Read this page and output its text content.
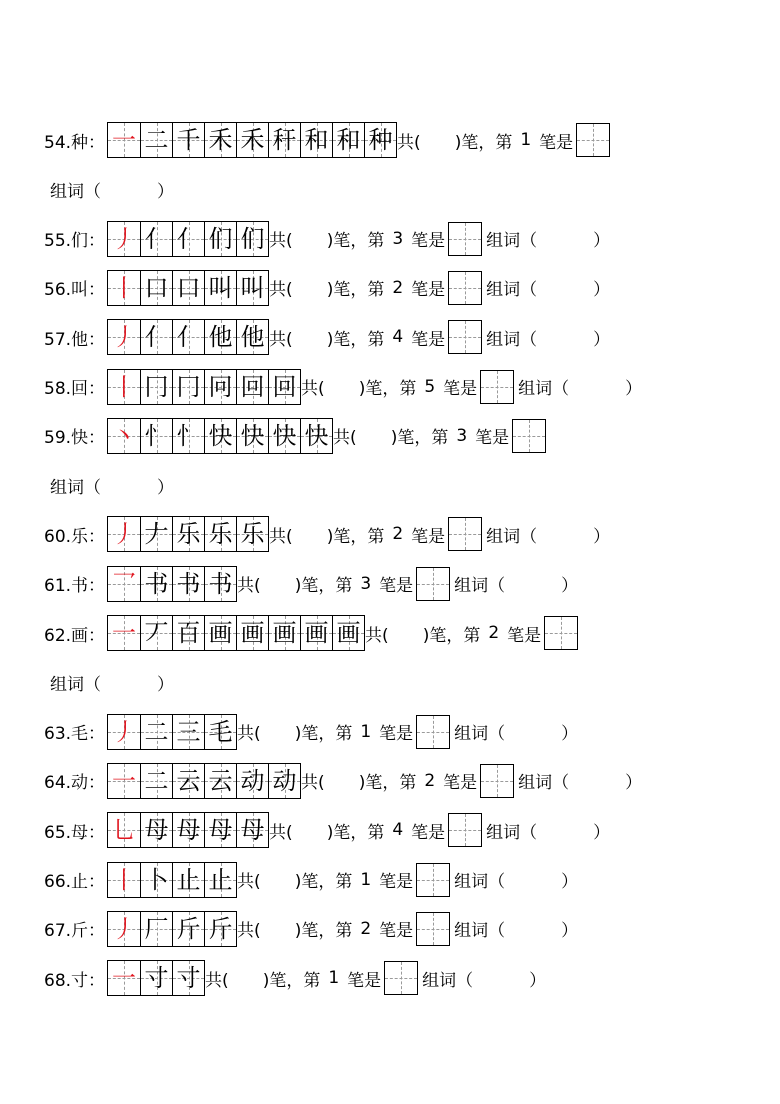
54.种： 一 二 千 禾 禾 秆 和 和 种 共( )笔，第 1 笔是
组词（	）
55.们： 丿 亻 亻 们 们 共( )笔，第 3 笔是 组词（	）
56.叫： 丨 口 口 叫 叫 共( )笔，第 2 笔是 组词（	）
57.他： 丿 亻 亻 他 他 共( )笔，第 4 笔是 组词（	）
58.回： 丨 冂 冂 冋 回 回 共( )笔，第 5 笔是 组词（	）
59.快： 丶 忄 忄 快 快 快 快 共( )笔，第 3 笔是
组词（	）
60.乐： 丿 𠂇 乐 乐 乐 共( )笔，第 2 笔是 组词（	）
61.书： 乛 书 书 书 共( )笔，第 3 笔是 组词（	）
62.画： 一 丆 百 画 画 画 画 画 共( )笔，第 2 笔是
组词（	）
63.毛： 丿 二 三 毛 共( )笔，第 1 笔是 组词（	）
64.动： 一 二 云 云 动 动 共( )笔，第 2 笔是 组词（	）
65.母： 乚 母 母 母 母 共( )笔，第 4 笔是 组词（	）
66.止： 丨 卜 止 止 共( )笔，第 1 笔是 组词（	）
67.斤： 丿 厂 斤 斤 共( )笔，第 2 笔是 组词（	）
68.寸： 一 寸 寸 共( )笔，第 1 笔是 组词（	）
